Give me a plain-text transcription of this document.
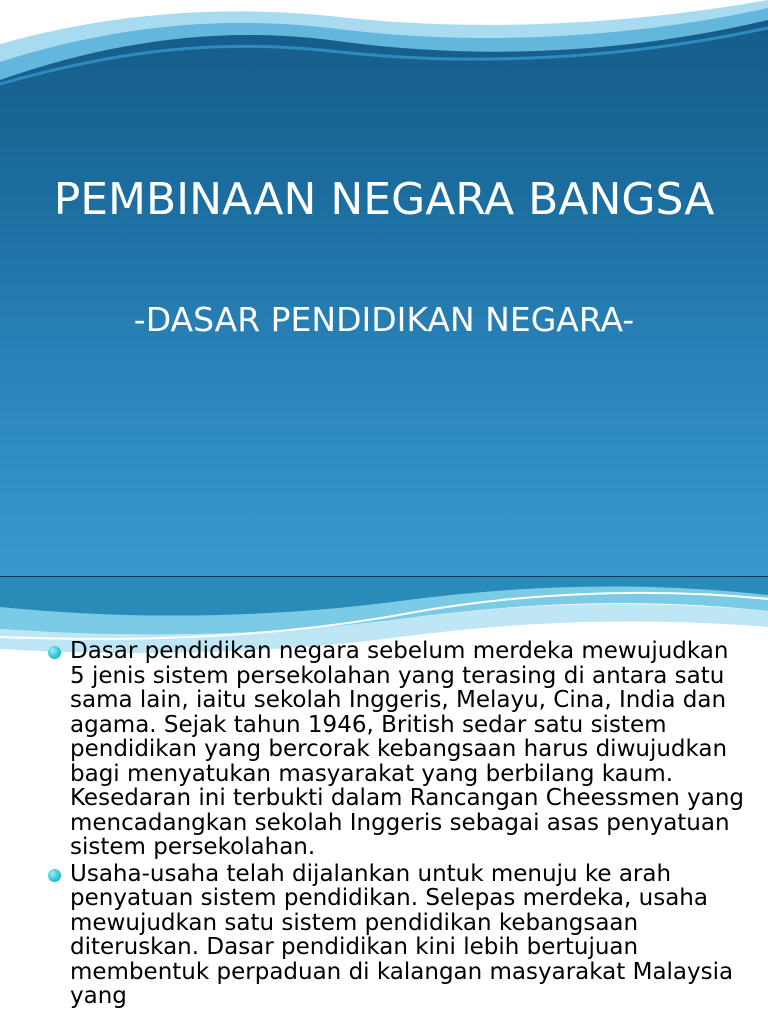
PEMBINAAN NEGARA BANGSA
-DASAR PENDIDIKAN NEGARA-
Dasar pendidikan negara sebelum merdeka mewujudkan 5 jenis sistem persekolahan yang terasing di antara satu sama lain, iaitu sekolah Inggeris, Melayu, Cina, India dan agama. Sejak tahun 1946, British sedar satu sistem pendidikan yang bercorak kebangsaan harus diwujudkan bagi menyatukan masyarakat yang berbilang kaum. Kesedaran ini terbukti dalam Rancangan Cheessmen yang mencadangkan sekolah Inggeris sebagai asas penyatuan sistem persekolahan.
Usaha-usaha telah dijalankan untuk menuju ke arah penyatuan sistem pendidikan. Selepas merdeka, usaha mewujudkan satu sistem pendidikan kebangsaan diteruskan. Dasar pendidikan kini lebih bertujuan membentuk perpaduan di kalangan masyarakat Malaysia yang
